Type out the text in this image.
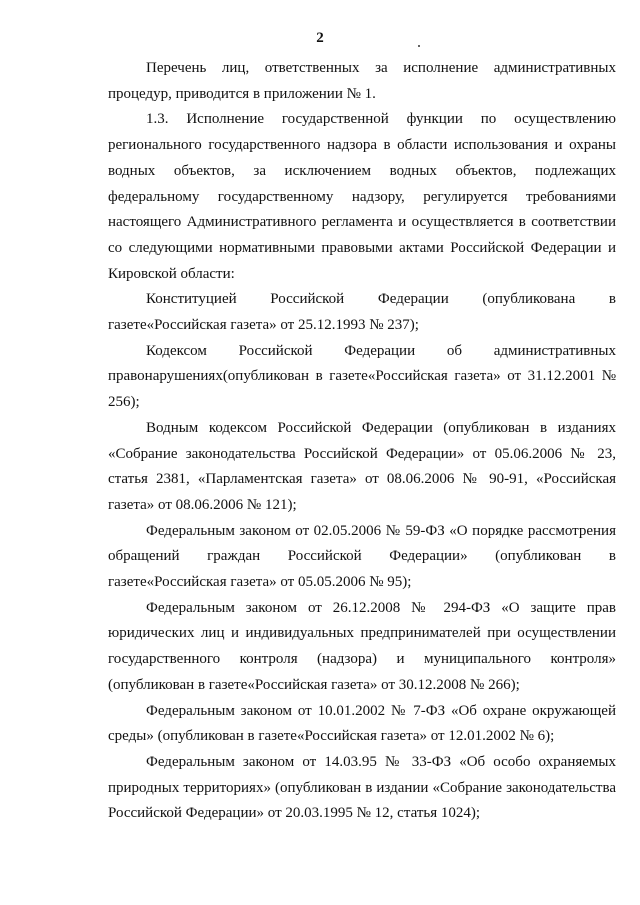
2

Перечень лиц, ответственных за исполнение административных процедур, приводится в приложении № 1.

1.3. Исполнение государственной функции по осуществлению регионального государственного надзора в области использования и охраны водных объектов, за исключением водных объектов, подлежащих федеральному государственному надзору, регулируется требованиями настоящего Административного регламента и осуществляется в соответствии со следующими нормативными правовыми актами Российской Федерации и Кировской области:

Конституцией Российской Федерации (опубликована в газете«Российская газета» от 25.12.1993 № 237);

Кодексом Российской Федерации об административных правонарушениях(опубликован в газете«Российская газета» от 31.12.2001 № 256);

Водным кодексом Российской Федерации (опубликован в изданиях «Собрание законодательства Российской Федерации» от 05.06.2006 № 23, статья 2381, «Парламентская газета» от 08.06.2006 № 90-91, «Российская газета» от 08.06.2006 № 121);

Федеральным законом от 02.05.2006 № 59-ФЗ «О порядке рассмотрения обращений граждан Российской Федерации» (опубликован в газете«Российская газета» от 05.05.2006 № 95);

Федеральным законом от 26.12.2008 № 294-ФЗ «О защите прав юридических лиц и индивидуальных предпринимателей при осуществлении государственного контроля (надзора) и муниципального контроля» (опубликован в газете«Российская газета» от 30.12.2008 № 266);

Федеральным законом от 10.01.2002 № 7-ФЗ «Об охране окружающей среды» (опубликован в газете«Российская газета» от 12.01.2002 № 6);

Федеральным законом от 14.03.95 № 33-ФЗ «Об особо охраняемых природных территориях» (опубликован в издании «Собрание законодательства Российской Федерации» от 20.03.1995 № 12, статья 1024);
